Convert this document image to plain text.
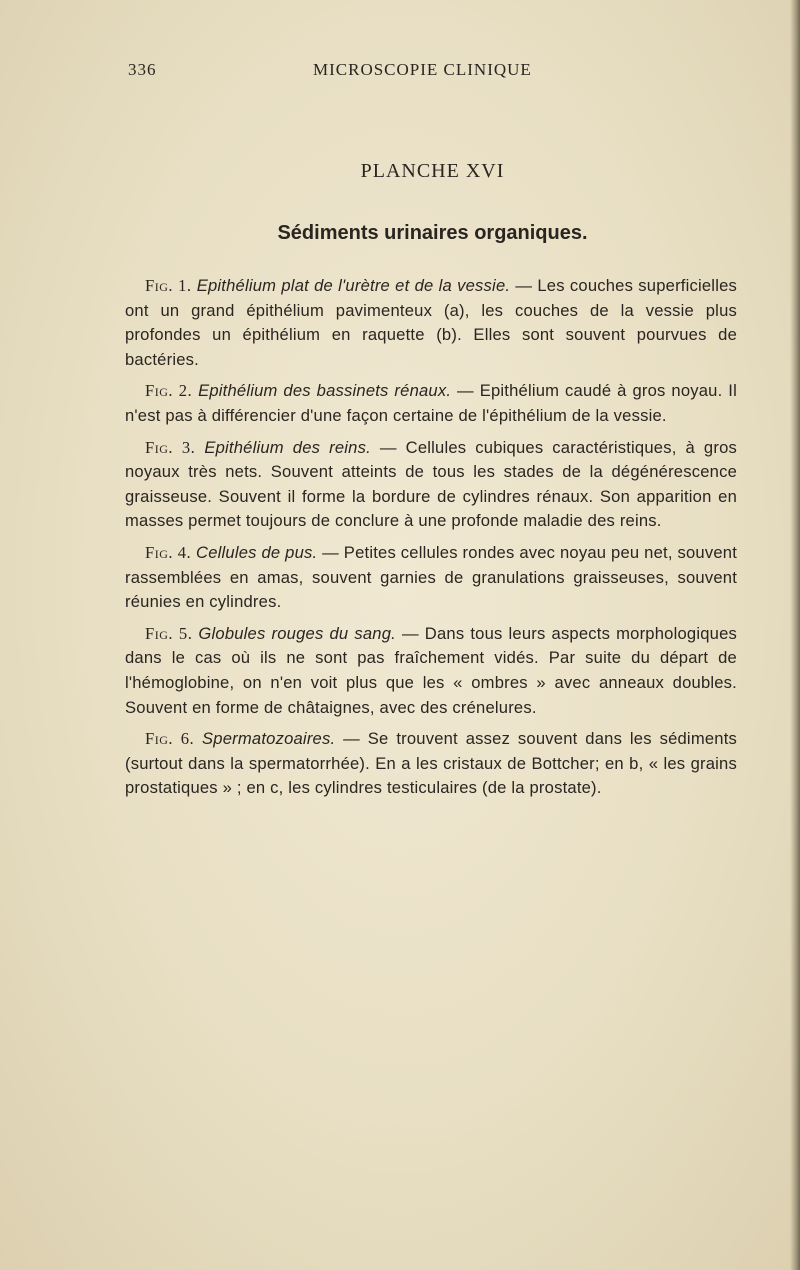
336	MICROSCOPIE CLINIQUE
PLANCHE XVI
Sédiments urinaires organiques.

Fig. 1. Epithélium plat de l'urètre et de la vessie. — Les couches superficielles ont un grand épithélium pavimenteux (a), les couches de la vessie plus profondes un épithélium en raquette (b). Elles sont souvent pourvues de bactéries.

Fig. 2. Epithélium des bassinets rénaux. — Epithélium caudé à gros noyau. Il n'est pas à différencier d'une façon certaine de l'épithélium de la vessie.

Fig. 3. Epithélium des reins. — Cellules cubiques caractéristiques, à gros noyaux très nets. Souvent atteints de tous les stades de la dégénérescence graisseuse. Souvent il forme la bordure de cylindres rénaux. Son apparition en masses permet toujours de conclure à une profonde maladie des reins.

Fig. 4. Cellules de pus. — Petites cellules rondes avec noyau peu net, souvent rassemblées en amas, souvent garnies de granulations graisseuses, souvent réunies en cylindres.

Fig. 5. Globules rouges du sang. — Dans tous leurs aspects morphologiques dans le cas où ils ne sont pas fraîchement vidés. Par suite du départ de l'hémoglobine, on n'en voit plus que les « ombres » avec anneaux doubles. Souvent en forme de châtaignes, avec des crénelures.

Fig. 6. Spermatozoaires. — Se trouvent assez souvent dans les sédiments (surtout dans la spermatorrhée). En a les cristaux de Bottcher; en b, « les grains prostatiques » ; en c, les cylindres testiculaires (de la prostate).
